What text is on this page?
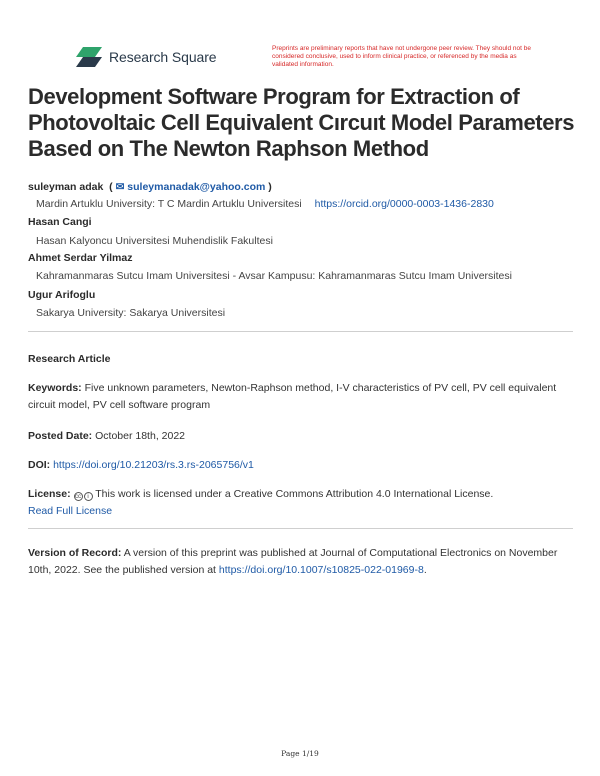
Research Square
Preprints are preliminary reports that have not undergone peer review. They should not be considered conclusive, used to inform clinical practice, or referenced by the media as validated information.
Development Software Program for Extraction of Photovoltaic Cell Equivalent Cırcuıt Model Parameters Based on The Newton Raphson Method
suleyman adak  ( ✉ suleymanadak@yahoo.com )
Mardin Artuklu University: T C Mardin Artuklu Universitesi https://orcid.org/0000-0003-1436-2830
Hasan Cangi
Hasan Kalyoncu Universitesi Muhendislik Fakultesi
Ahmet Serdar Yilmaz
Kahramanmaras Sutcu Imam Universitesi - Avsar Kampusu: Kahramanmaras Sutcu Imam Universitesi
Ugur Arifoglu
Sakarya University: Sakarya Universitesi
Research Article
Keywords: Five unknown parameters, Newton-Raphson method, I-V characteristics of PV cell, PV cell equivalent circuit model, PV cell software program
Posted Date: October 18th, 2022
DOI: https://doi.org/10.21203/rs.3.rs-2065756/v1
License: cc i This work is licensed under a Creative Commons Attribution 4.0 International License.
Read Full License
Version of Record: A version of this preprint was published at Journal of Computational Electronics on November 10th, 2022. See the published version at https://doi.org/10.1007/s10825-022-01969-8.
Page 1/19
